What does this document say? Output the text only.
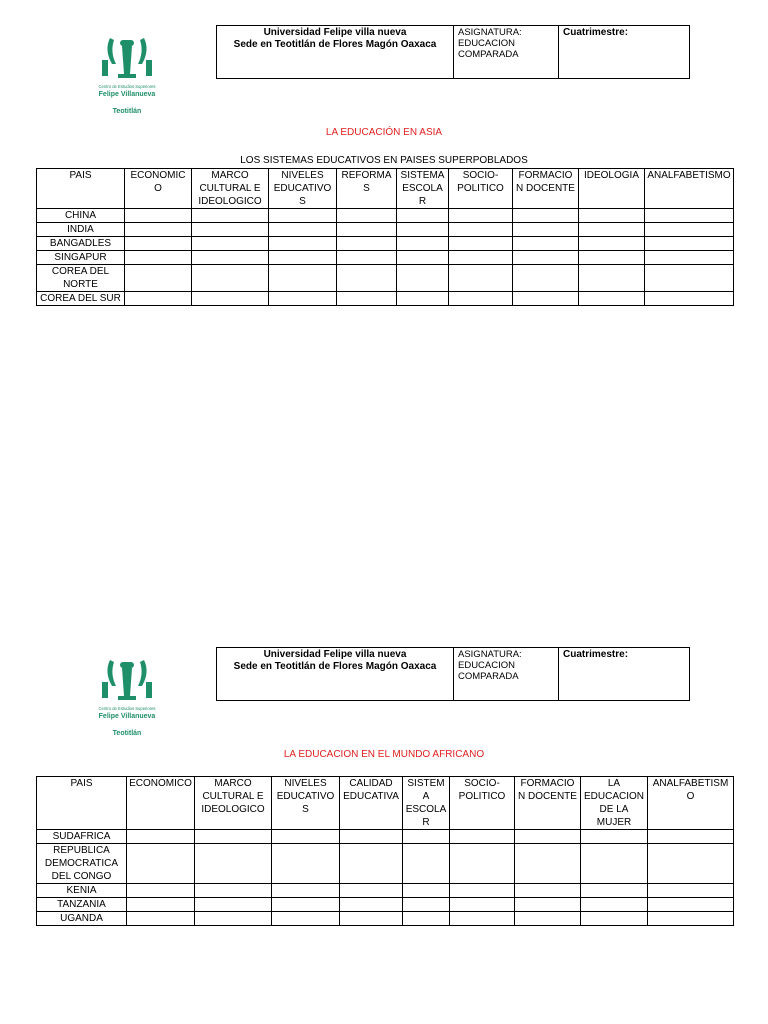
Centro de Estudios Superiores
Felipe Villanueva
Teotitlán
Universidad Felipe villa nueva
Sede en Teotitlán de Flores Magón Oaxaca
ASIGNATURA:
EDUCACION COMPARADA
Cuatrimestre:
LA EDUCACIÓN EN ASIA
LOS SISTEMAS EDUCATIVOS EN PAISES SUPERPOBLADOS
PAIS	ECONOMICO	MARCO CULTURAL E IDEOLOGICO	NIVELES EDUCATIVO S	REFORMAS	SISTEMA ESCOLAR	SOCIO-POLITICO	FORMACIO N DOCENTE	IDEOLOGIA	ANALFABETISMO
CHINA									
INDIA									
BANGADLES									
SINGAPUR									
COREA DEL NORTE									
COREA DEL SUR									
Centro de Estudios Superiores
Felipe Villanueva
Teotitlán
Universidad Felipe villa nueva
Sede en Teotitlán de Flores Magón Oaxaca
ASIGNATURA:
EDUCACION COMPARADA
Cuatrimestre:
LA EDUCACION EN EL MUNDO AFRICANO
PAIS	ECONOMICO	MARCO CULTURAL E IDEOLOGICO	NIVELES EDUCATIVO S	CALIDAD EDUCATIVA	SISTEMA ESCOLAR	SOCIO-POLITICO	FORMACIO N DOCENTE	LA EDUCACION DE LA MUJER	ANALFABETISMO
SUDAFRICA									
REPUBLICA DEMOCRATICA DEL CONGO									
KENIA									
TANZANIA									
UGANDA									
